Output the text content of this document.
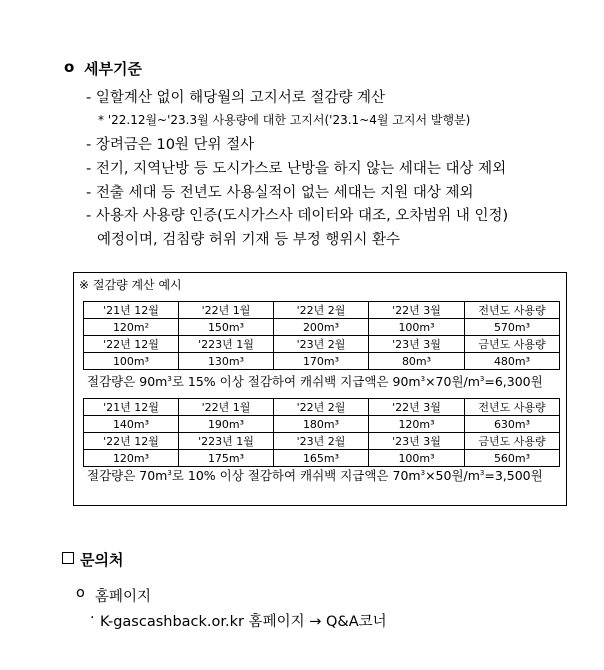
o 세부기준
- 일할계산 없이 해당월의 고지서로 절감량 계산
* '22.12월~'23.3월 사용량에 대한 고지서('23.1~4월 고지서 발행분)
- 장려금은 10원 단위 절사
- 전기, 지역난방 등 도시가스로 난방을 하지 않는 세대는 대상 제외
- 전출 세대 등 전년도 사용실적이 없는 세대는 지원 대상 제외
- 사용자 사용량 인증(도시가스사 데이터와 대조, 오차범위 내 인정)
예정이며, 검침량 허위 기재 등 부정 행위시 환수
※ 절감량 계산 예시
'21년 12월	'22년 1월	'22년 2월	'22년 3월	전년도 사용량
120m²	150m³	200m³	100m³	570m³
'22년 12월	'223년 1월	'23년 2월	'23년 3월	금년도 사용량
100m³	130m³	170m³	80m³	480m³
절감량은 $90m^3$로 15% 이상 절감하여 캐쉬백 지급액은 $90m^3\times 70$원$/m^3=6,300$원
'21년 12월	'22년 1월	'22년 2월	'22년 3월	전년도 사용량
140m³	190m³	180m³	120m³	630m³
'22년 12월	'223년 1월	'23년 2월	'23년 3월	금년도 사용량
120m³	175m³	165m³	100m³	560m³
절감량은 $70m^3$로 10% 이상 절감하여 캐쉬백 지급액은 $70m^3\times 50$원$/m^3=3,500$원
문의처
o 홈페이지
· K-gascashback.or.kr 홈페이지 → Q&A코너
